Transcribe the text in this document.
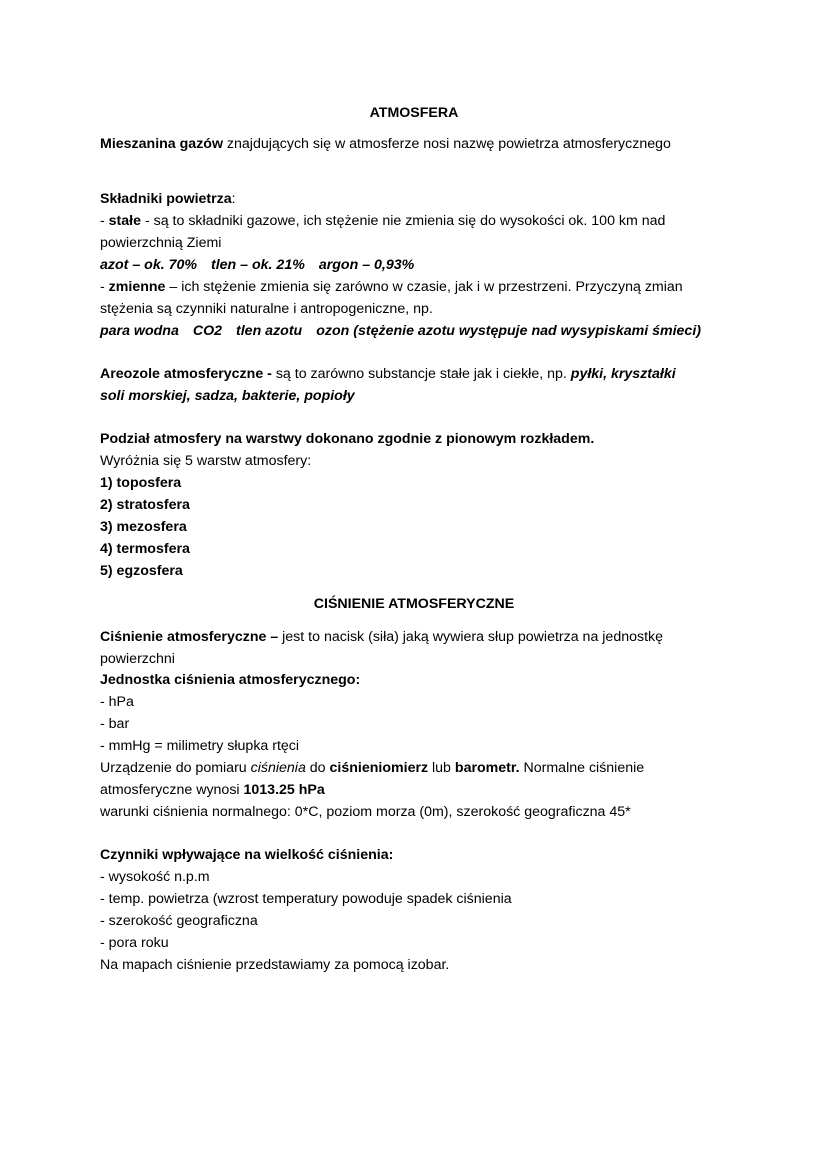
ATMOSFERA
Mieszanina gazów znajdujących się w atmosferze nosi nazwę powietrza atmosferycznego
Składniki powietrza:
- stałe - są to składniki gazowe, ich stężenie nie zmienia się do wysokości ok. 100 km nad
powierzchnią Ziemi
azot – ok. 70% tlen – ok. 21% argon – 0,93%
- zmienne – ich stężenie zmienia się zarówno w czasie, jak i w przestrzeni. Przyczyną zmian
stężenia są czynniki naturalne i antropogeniczne, np.
para wodna CO2 tlen azotu ozon (stężenie azotu występuje nad wysypiskami śmieci)
Areozole atmosferyczne - są to zarówno substancje stałe jak i ciekłe, np. pyłki, kryształki
soli morskiej, sadza, bakterie, popioły
Podział atmosfery na warstwy dokonano zgodnie z pionowym rozkładem.
Wyróżnia się 5 warstw atmosfery:
1) toposfera
2) stratosfera
3) mezosfera
4) termosfera
5) egzosfera
CIŚNIENIE ATMOSFERYCZNE
Ciśnienie atmosferyczne – jest to nacisk (siła) jaką wywiera słup powietrza na jednostkę
powierzchni
Jednostka ciśnienia atmosferycznego:
- hPa
- bar
- mmHg = milimetry słupka rtęci
Urządzenie do pomiaru ciśnienia do ciśnieniomierz lub barometr. Normalne ciśnienie
atmosferyczne wynosi 1013.25 hPa
warunki ciśnienia normalnego: 0*C, poziom morza (0m), szerokość geograficzna 45*
Czynniki wpływające na wielkość ciśnienia:
- wysokość n.p.m
- temp. powietrza (wzrost temperatury powoduje spadek ciśnienia
- szerokość geograficzna
- pora roku
Na mapach ciśnienie przedstawiamy za pomocą izobar.
